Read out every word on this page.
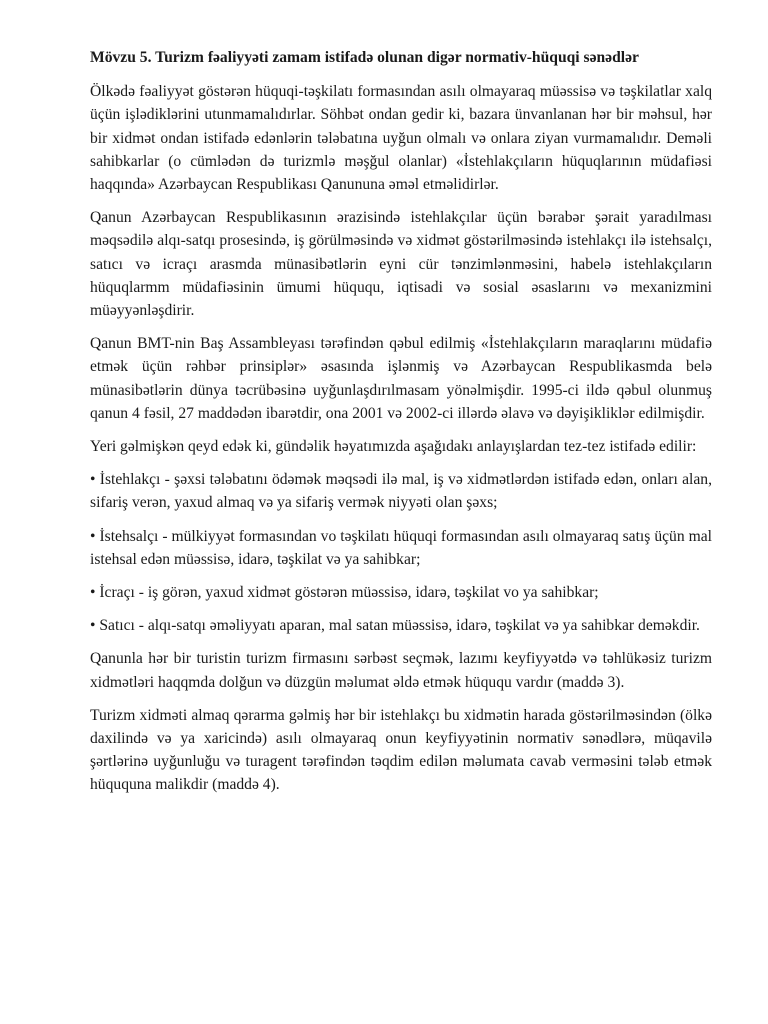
Mövzu 5. Turizm fəaliyyəti zamam istifadə olunan digər normativ-hüquqi sənədlər

Ölkədə fəaliyyət göstərən hüquqi-təşkilatı formasından asılı olmayaraq müəssisə və təşkilatlar xalq üçün işlədiklərini utunmamalıdırlar. Söhbət ondan gedir ki, bazara ünvanlanan hər bir məhsul, hər bir xidmət ondan istifadə edənlərin tələbatına uyğun olmalı və onlara ziyan vurmamalıdır. Deməli sahibkarlar (o cümlədən də turizmlə məşğul olanlar) «İstehlakçıların hüquqlarının müdafiəsi haqqında» Azərbaycan Respublikası Qanununa əməl etməlidirlər.

Qanun Azərbaycan Respublikasının ərazisində istehlakçılar üçün bərabər şərait yaradılması məqsədilə alqı-satqı prosesində, iş görülməsində və xidmət göstərilməsində istehlakçı ilə istehsalçı, satıcı və icraçı arasmda münasibətlərin eyni cür tənzimlənməsini, habelə istehlakçıların hüquqlarmm müdafiəsinin ümumi hüququ, iqtisadi və sosial əsaslarını və mexanizmini müəyyənləşdirir.

Qanun BMT-nin Baş Assambleyası tərəfindən qəbul edilmiş «İstehlakçıların maraqlarını müdafiə etmək üçün rəhbər prinsiplər» əsasında işlənmiş və Azərbaycan Respublikasmda belə münasibətlərin dünya təcrübəsinə uyğunlaşdırılmasam yönəlmişdir. 1995-ci ildə qəbul olunmuş qanun 4 fəsil, 27 maddədən ibarətdir, ona 2001 və 2002-ci illərdə əlavə və dəyişikliklər edilmişdir.

Yeri gəlmişkən qeyd edək ki, gündəlik həyatımızda aşağıdakı anlayışlardan tez-tez istifadə edilir:

• İstehlakçı - şəxsi tələbatını ödəmək məqsədi ilə mal, iş və xidmətlərdən istifadə edən, onları alan, sifariş verən, yaxud almaq və ya sifariş vermək niyyəti olan şəxs;

• İstehsalçı - mülkiyyət formasından vo təşkilatı hüquqi formasından asılı olmayaraq satış üçün mal istehsal edən müəssisə, idarə, təşkilat və ya sahibkar;

• İcraçı - iş görən, yaxud xidmət göstərən müəssisə, idarə, təşkilat vo ya sahibkar;

• Satıcı - alqı-satqı əməliyyatı aparan, mal satan müəssisə, idarə, təşkilat və ya sahibkar deməkdir.

Qanunla hər bir turistin turizm firmasını sərbəst seçmək, lazımı keyfiyyətdə və təhlükəsiz turizm xidmətləri haqqmda dolğun və düzgün məlumat əldə etmək hüququ vardır (maddə 3).

Turizm xidməti almaq qərarma gəlmiş hər bir istehlakçı bu xidmətin harada göstərilməsindən (ölkə daxilində və ya xaricində) asılı olmayaraq onun keyfiyyətinin normativ sənədlərə, müqavilə şərtlərinə uyğunluğu və turagent tərəfindən təqdim edilən məlumata cavab verməsini tələb etmək hüququna malikdir (maddə 4).
